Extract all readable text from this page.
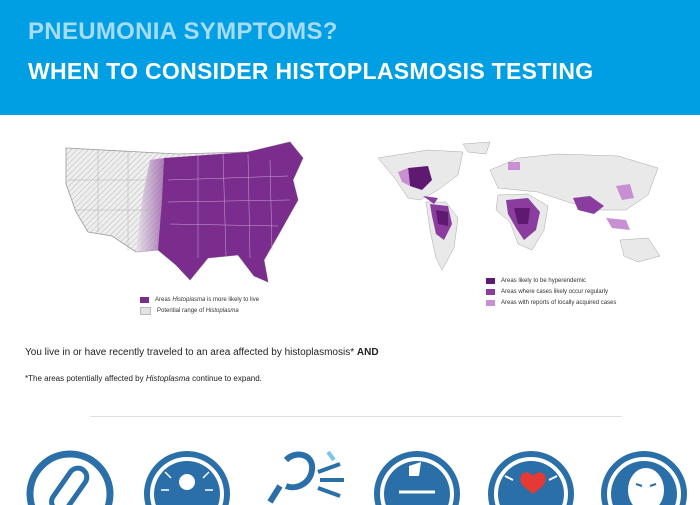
PNEUMONIA SYMPTOMS?
WHEN TO CONSIDER HISTOPLASMOSIS TESTING
Areas Histoplasma is more likely to live
Potential range of Histoplasma
Areas likely to be hyperendemic
Areas where cases likely occur regularly
Areas with reports of locally acquired cases
You live in or have recently traveled to an area affected by histoplasmosis* AND
*The areas potentially affected by Histoplasma continue to expand.
